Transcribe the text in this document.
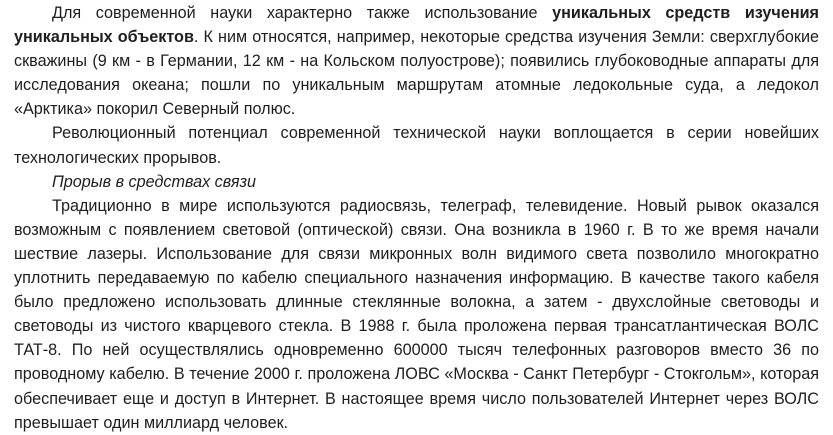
Для современной науки характерно также использование уникальных средств изучения уникальных объектов. К ним относятся, например, некоторые средства изучения Земли: сверхглубокие скважины (9 км - в Германии, 12 км - на Кольском полуострове); появились глубоководные аппараты для исследования океана; пошли по уникальным маршрутам атомные ледокольные суда, а ледокол «Арктика» покорил Северный полюс.

Революционный потенциал современной технической науки воплощается в серии новейших технологических прорывов.

Прорыв в средствах связи

Традиционно в мире используются радиосвязь, телеграф, телевидение. Новый рывок оказался возможным с появлением световой (оптической) связи. Она возникла в 1960 г. В то же время начали шествие лазеры. Использование для связи микронных волн видимого света позволило многократно уплотнить передаваемую по кабелю специального назначения информацию. В качестве такого кабеля было предложено использовать длинные стеклянные волокна, а затем - двухслойные световоды и световоды из чистого кварцевого стекла. В 1988 г. была проложена первая трансатлантическая ВОЛС ТАТ-8. По ней осуществлялись одновременно 600000 тысяч телефонных разговоров вместо 36 по проводному кабелю. В течение 2000 г. проложена ЛОВС «Москва - Санкт Петербург - Стокгольм», которая обеспечивает еще и доступ в Интернет. В настоящее время число пользователей Интернет через ВОЛС превышает один миллиард человек.
